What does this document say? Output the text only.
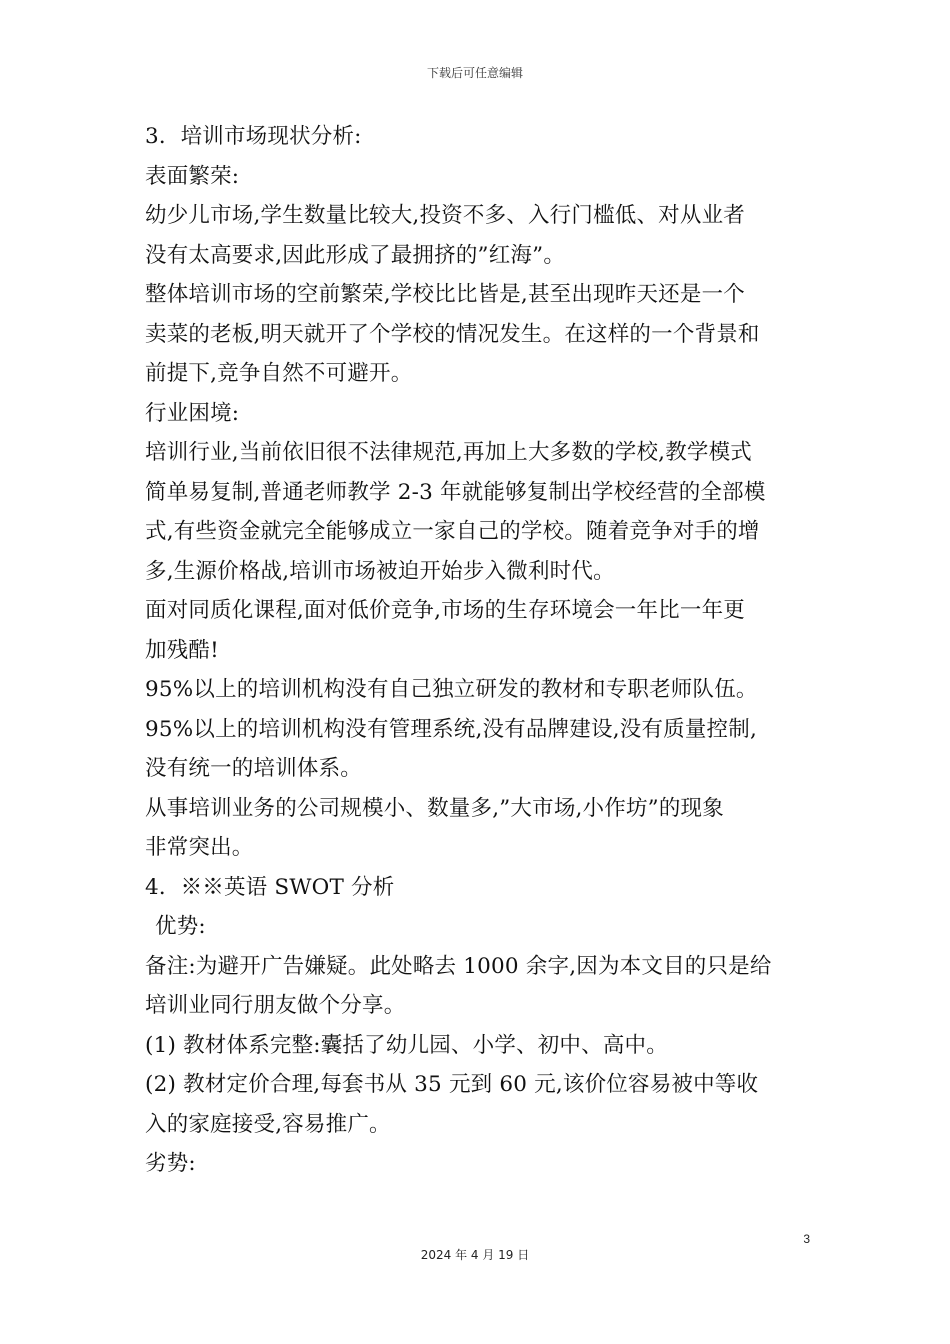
下载后可任意编辑
3．培训市场现状分析:
表面繁荣:
幼少儿市场,学生数量比较大,投资不多、入行门槛低、对从业者
没有太高要求,因此形成了最拥挤的”红海”。
整体培训市场的空前繁荣,学校比比皆是,甚至出现昨天还是一个
卖菜的老板,明天就开了个学校的情况发生。在这样的一个背景和
前提下,竞争自然不可避开。
行业困境:
培训行业,当前依旧很不法律规范,再加上大多数的学校,教学模式
简单易复制,普通老师教学 2-3 年就能够复制出学校经营的全部模
式,有些资金就完全能够成立一家自己的学校。随着竞争对手的增
多,生源价格战,培训市场被迫开始步入微利时代。
面对同质化课程,面对低价竞争,市场的生存环境会一年比一年更
加残酷!
95%以上的培训机构没有自己独立研发的教材和专职老师队伍。
95%以上的培训机构没有管理系统,没有品牌建设,没有质量控制,
没有统一的培训体系。
从事培训业务的公司规模小、数量多,”大市场,小作坊”的现象
非常突出。
4．※※英语 SWOT 分析
优势:
备注:为避开广告嫌疑。此处略去 1000 余字,因为本文目的只是给
培训业同行朋友做个分享。
(1) 教材体系完整:囊括了幼儿园、小学、初中、高中。
(2) 教材定价合理,每套书从 35 元到 60 元,该价位容易被中等收
入的家庭接受,容易推广。
劣势:
3
2024 年 4 月 19 日
